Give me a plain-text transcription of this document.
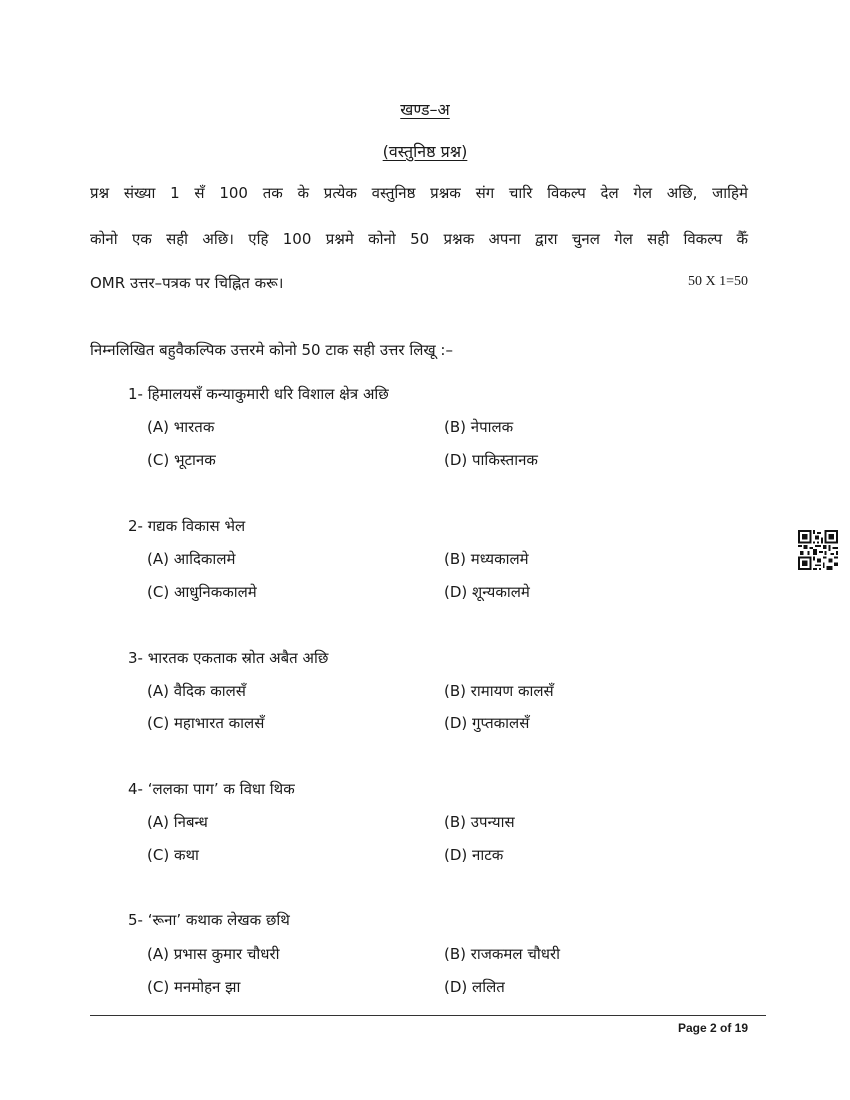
खण्ड–अ
(वस्तुनिष्ठ प्रश्न)
प्रश्न संख्या 1 सँ 100 तक के प्रत्येक वस्तुनिष्ठ प्रश्नक संग चारि विकल्प देल गेल अछि, जाहिमे
कोनो एक सही अछि। एहि 100 प्रश्नमे कोनो 50 प्रश्नक अपना द्वारा चुनल गेल सही विकल्प कैँ
OMR उत्तर–पत्रक पर चिह्नित करू।	50 X 1=50
निम्नलिखित बहुवैकल्पिक उत्तरमे कोनो 50 टाक सही उत्तर लिखू :–
1- हिमालयसँ कन्याकुमारी धरि विशाल क्षेत्र अछि
(A) भारतक	(B) नेपालक
(C) भूटानक	(D) पाकिस्तानक
2- गद्यक विकास भेल
(A) आदिकालमे	(B) मध्यकालमे
(C) आधुनिककालमे	(D) शून्यकालमे
3- भारतक एकताक स्रोत अबैत अछि
(A) वैदिक कालसँ	(B) रामायण कालसँ
(C) महाभारत कालसँ	(D) गुप्तकालसँ
4- ‘ललका पाग’ क विधा थिक
(A) निबन्ध	(B) उपन्यास
(C) कथा	(D) नाटक
5- ‘रूना’ कथाक लेखक छथि
(A) प्रभास कुमार चौधरी	(B) राजकमल चौधरी
(C) मनमोहन झा	(D) ललित
Page 2 of 19
